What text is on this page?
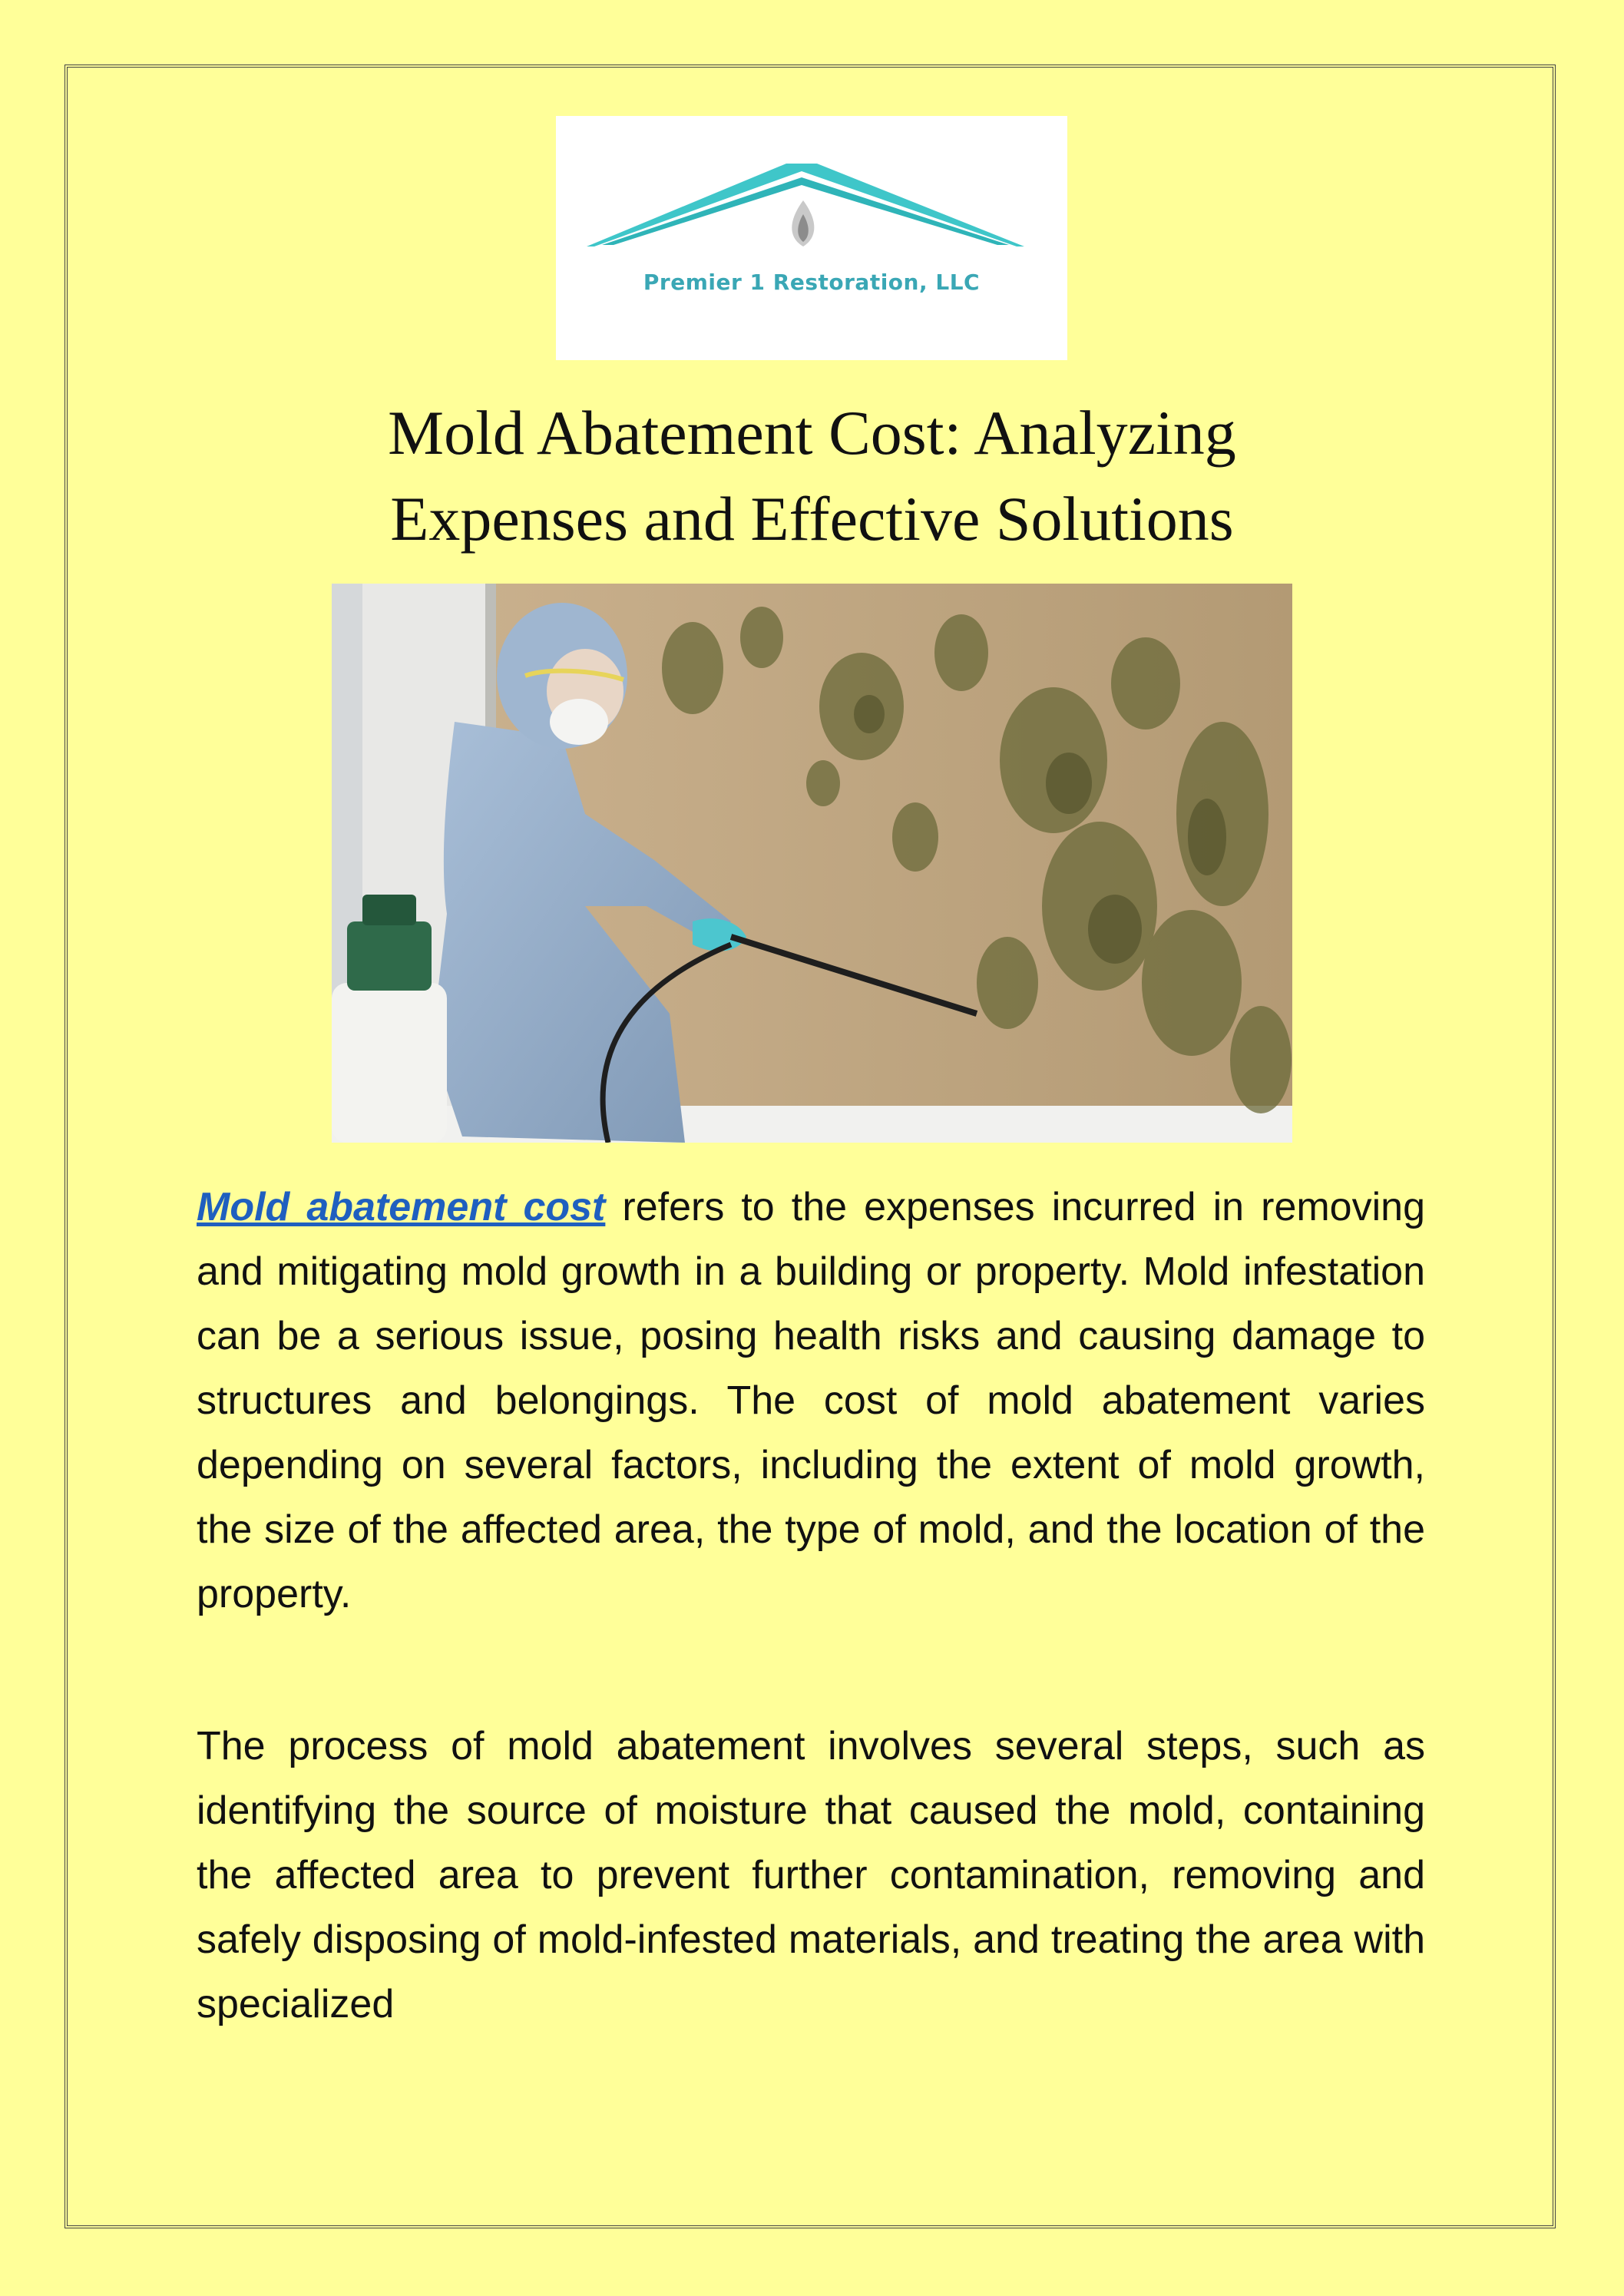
Premier 1 Restoration, LLC
Mold Abatement Cost: Analyzing
Expenses and Effective Solutions

Mold abatement cost refers to the expenses incurred in removing and mitigating mold growth in a building or property. Mold infestation can be a serious issue, posing health risks and causing damage to structures and belongings. The cost of mold abatement varies depending on several factors, including the extent of mold growth, the size of the affected area, the type of mold, and the location of the property.

The process of mold abatement involves several steps, such as identifying the source of moisture that caused the mold, containing the affected area to prevent further contamination, removing and safely disposing of mold-infested materials, and treating the area with specialized
